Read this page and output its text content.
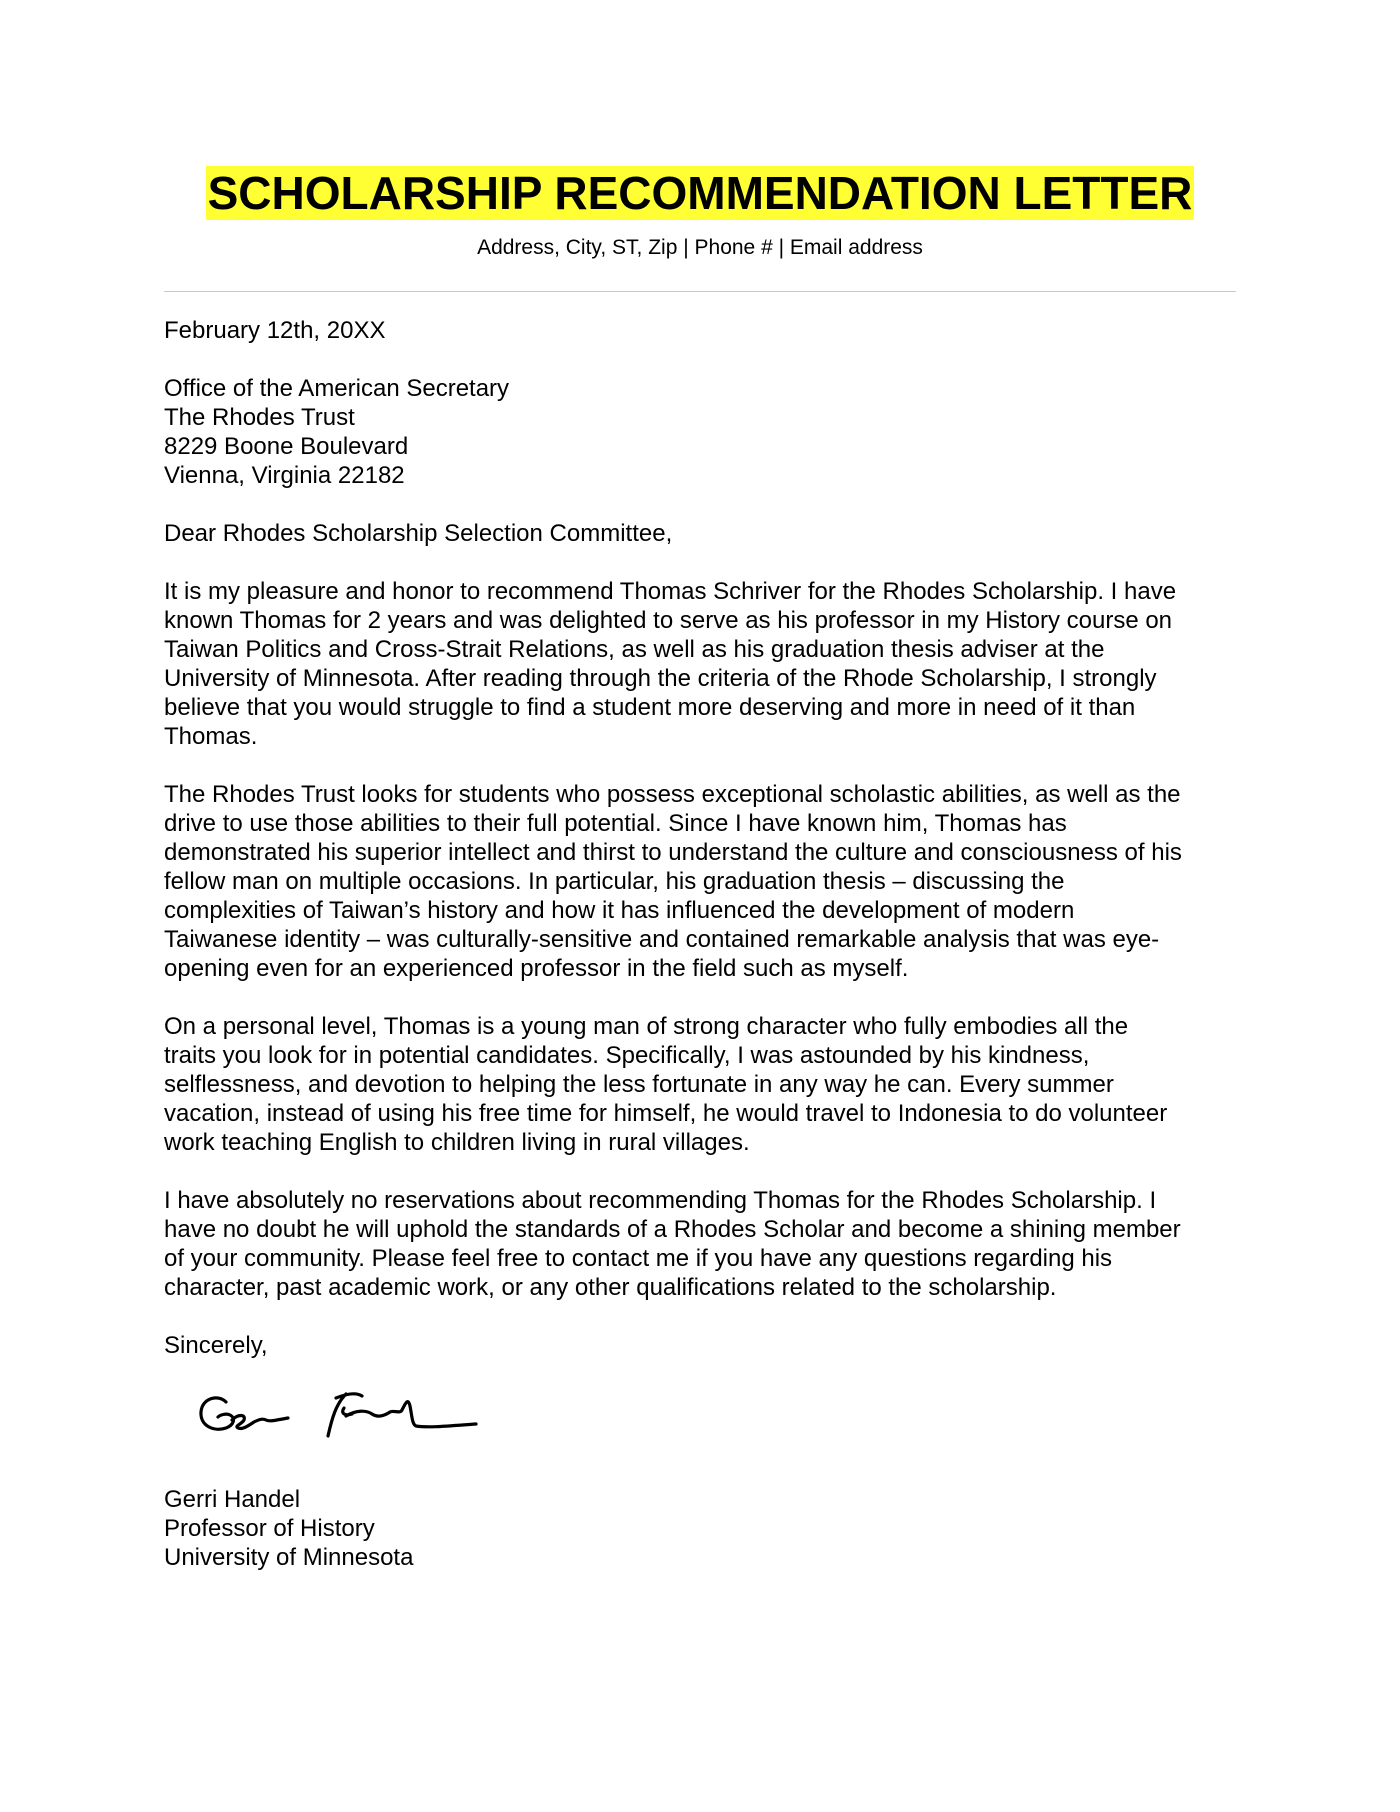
SCHOLARSHIP RECOMMENDATION LETTER
Address, City, ST, Zip | Phone # | Email address
February 12th, 20XX
Office of the American Secretary
The Rhodes Trust
8229 Boone Boulevard
Vienna, Virginia 22182
Dear Rhodes Scholarship Selection Committee,
It is my pleasure and honor to recommend Thomas Schriver for the Rhodes Scholarship. I have
known Thomas for 2 years and was delighted to serve as his professor in my History course on
Taiwan Politics and Cross-Strait Relations, as well as his graduation thesis adviser at the
University of Minnesota. After reading through the criteria of the Rhode Scholarship, I strongly
believe that you would struggle to find a student more deserving and more in need of it than
Thomas.
The Rhodes Trust looks for students who possess exceptional scholastic abilities, as well as the
drive to use those abilities to their full potential. Since I have known him, Thomas has
demonstrated his superior intellect and thirst to understand the culture and consciousness of his
fellow man on multiple occasions. In particular, his graduation thesis – discussing the
complexities of Taiwan’s history and how it has influenced the development of modern
Taiwanese identity – was culturally-sensitive and contained remarkable analysis that was eye-
opening even for an experienced professor in the field such as myself.
On a personal level, Thomas is a young man of strong character who fully embodies all the
traits you look for in potential candidates. Specifically, I was astounded by his kindness,
selflessness, and devotion to helping the less fortunate in any way he can. Every summer
vacation, instead of using his free time for himself, he would travel to Indonesia to do volunteer
work teaching English to children living in rural villages.
I have absolutely no reservations about recommending Thomas for the Rhodes Scholarship. I
have no doubt he will uphold the standards of a Rhodes Scholar and become a shining member
of your community. Please feel free to contact me if you have any questions regarding his
character, past academic work, or any other qualifications related to the scholarship.
Sincerely,
Gerri Handel
Professor of History
University of Minnesota
